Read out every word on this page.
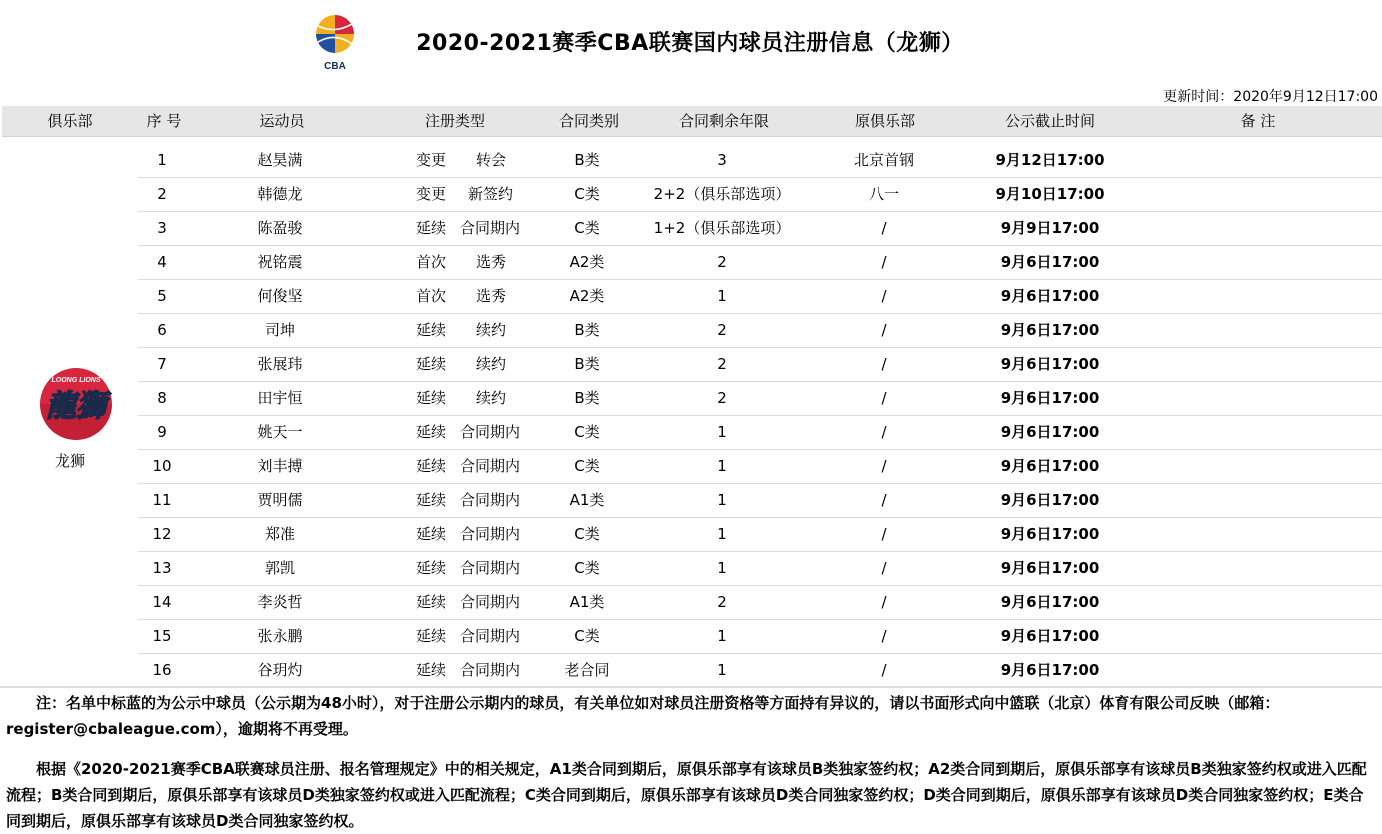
CBA
2020-2021赛季CBA联赛国内球员注册信息（龙狮）
更新时间：2020年9月12日17:00
俱乐部	序 号	运动员	注册类型	合同类别	合同剩余年限	原俱乐部	公示截止时间	备 注
LOONG LIONS
龍獅
龙狮
1	赵昊满	变更 转会	B类	3	北京首钢	9月12日17:00
2	韩德龙	变更 新签约	C类	2+2（俱乐部选项）	八一	9月10日17:00
3	陈盈骏	延续 合同期内	C类	1+2（俱乐部选项）	/	9月9日17:00
4	祝铭震	首次 选秀	A2类	2	/	9月6日17:00
5	何俊坚	首次 选秀	A2类	1	/	9月6日17:00
6	司坤	延续 续约	B类	2	/	9月6日17:00
7	张展玮	延续 续约	B类	2	/	9月6日17:00
8	田宇恒	延续 续约	B类	2	/	9月6日17:00
9	姚天一	延续 合同期内	C类	1	/	9月6日17:00
10	刘丰搏	延续 合同期内	C类	1	/	9月6日17:00
11	贾明儒	延续 合同期内	A1类	1	/	9月6日17:00
12	郑准	延续 合同期内	C类	1	/	9月6日17:00
13	郭凯	延续 合同期内	C类	1	/	9月6日17:00
14	李炎哲	延续 合同期内	A1类	2	/	9月6日17:00
15	张永鹏	延续 合同期内	C类	1	/	9月6日17:00
16	谷玥灼	延续 合同期内	老合同	1	/	9月6日17:00

注：名单中标蓝的为公示中球员（公示期为48小时），对于注册公示期内的球员，有关单位如对球员注册资格等方面持有异议的，请以书面形式向中篮联（北京）体育有限公司反映（邮箱：register@cbaleague.com），逾期将不再受理。

根据《2020-2021赛季CBA联赛球员注册、报名管理规定》中的相关规定，A1类合同到期后，原俱乐部享有该球员B类独家签约权；A2类合同到期后，原俱乐部享有该球员B类独家签约权或进入匹配流程；B类合同到期后，原俱乐部享有该球员D类独家签约权或进入匹配流程；C类合同到期后，原俱乐部享有该球员D类合同独家签约权；D类合同到期后，原俱乐部享有该球员D类合同独家签约权；E类合同到期后，原俱乐部享有该球员D类合同独家签约权。
